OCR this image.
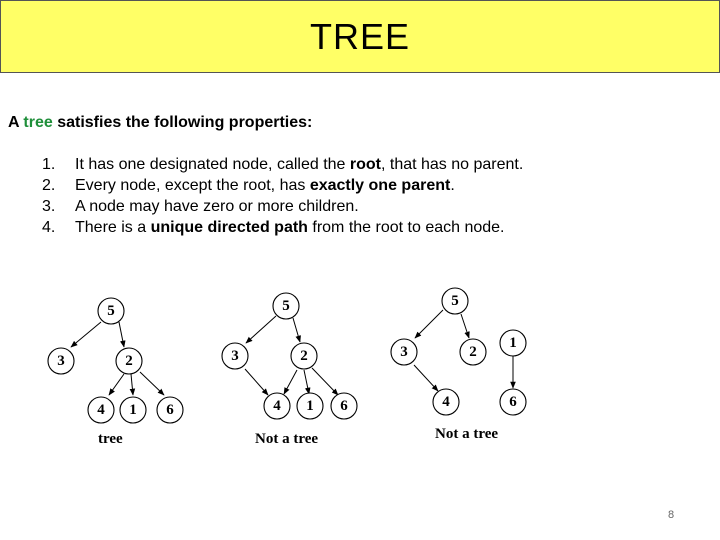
TREE
A tree satisfies the following properties:
1. It has one designated node, called the root, that has no parent.
2. Every node, except the root, has exactly one parent.
3. A node may have zero or more children.
4. There is a unique directed path from the root to each node.
5
3	2
4 1 6
tree
5
3	2
4 1 6
Not a tree
5
3	2
1
4	6
Not a tree
8
